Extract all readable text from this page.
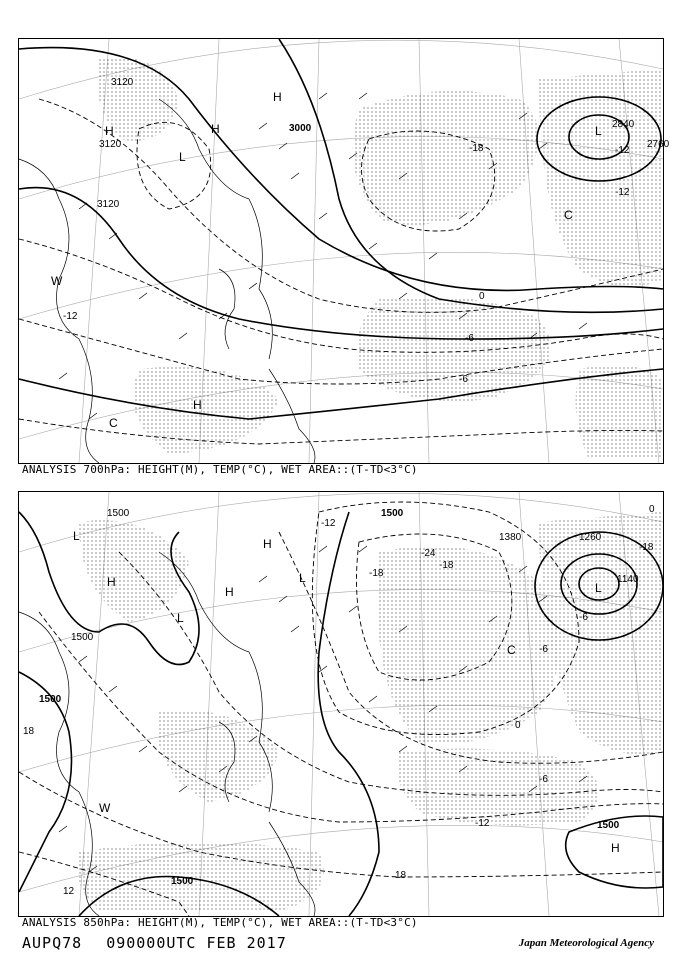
3120
3120
3120
3000	2840
2760
-18	-12
-12
-6
-12
0
-6
H	H
L
H
L
W
H
C
C
ANALYSIS 700hPa: HEIGHT(M), TEMP(°C), WET AREA::(T-TD<3°C)
1500
1500
1500
1380	1260
1140
1500
1500
1500
-24
-18
-18
-12
-6
0
-18
-12
-6
18
18
12
-6
0
L
H
L
H
H	L
W
H
L
C
ANALYSIS 850hPa: HEIGHT(M), TEMP(°C), WET AREA::(T-TD<3°C)
AUPQ78 090000UTC FEB 2017	Japan Meteorological Agency
